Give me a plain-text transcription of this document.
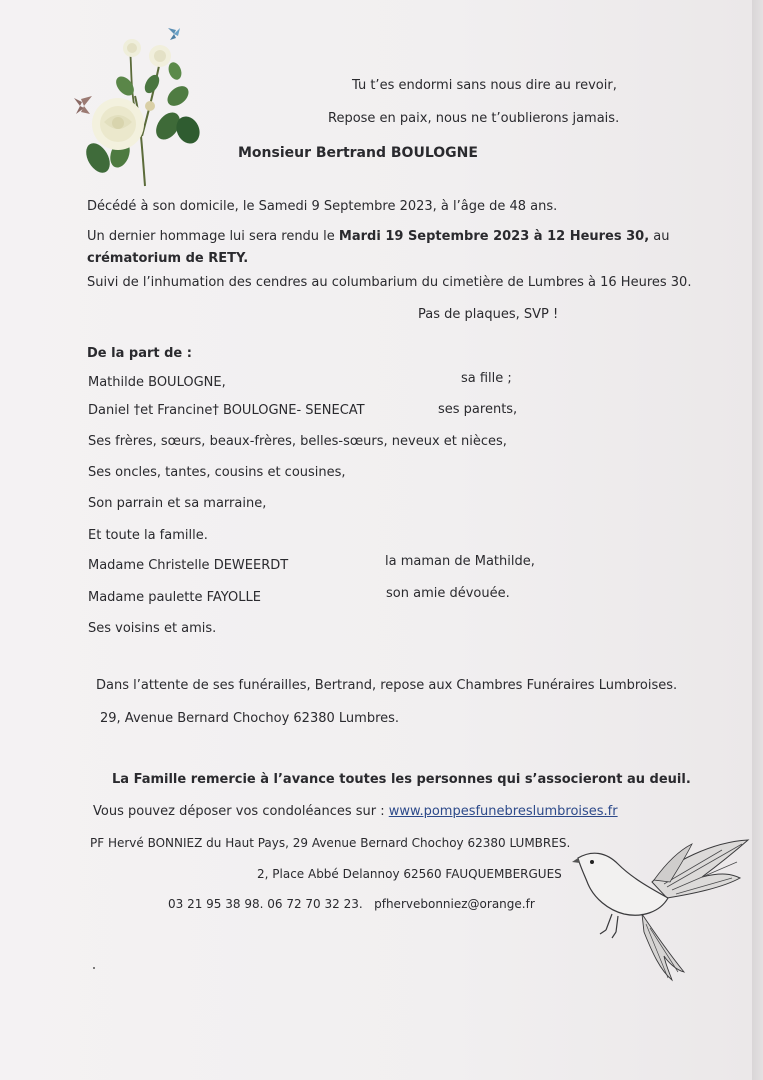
Tu t’es endormi sans nous dire au revoir,
Repose en paix, nous ne t’oublierons jamais.
Monsieur Bertrand BOULOGNE
Décédé à son domicile, le Samedi 9 Septembre 2023, à l’âge de 48 ans.
Un dernier hommage lui sera rendu le Mardi 19 Septembre 2023 à 12 Heures 30, au
crématorium de RETY.
Suivi de l’inhumation des cendres au columbarium du cimetière de Lumbres à 16 Heures 30.
Pas de plaques, SVP !
De la part de :
Mathilde BOULOGNE,	sa fille ;
Daniel †et Francine† BOULOGNE- SENECAT	ses parents,
Ses frères, sœurs, beaux-frères, belles-sœurs, neveux et nièces,
Ses oncles, tantes, cousins et cousines,
Son parrain et sa marraine,
Et toute la famille.
Madame Christelle DEWEERDT	la maman de Mathilde,
Madame paulette FAYOLLE	son amie dévouée.
Ses voisins et amis.
Dans l’attente de ses funérailles, Bertrand, repose aux Chambres Funéraires Lumbroises.
29, Avenue Bernard Chochoy 62380 Lumbres.
La Famille remercie à l’avance toutes les personnes qui s’associeront au deuil.
Vous pouvez déposer vos condoléances sur : www.pompesfunebreslumbroises.fr
PF Hervé BONNIEZ du Haut Pays, 29 Avenue Bernard Chochoy 62380 LUMBRES.
2, Place Abbé Delannoy 62560 FAUQUEMBERGUES
03 21 95 38 98. 06 72 70 32 23. pfhervebonniez@orange.fr
